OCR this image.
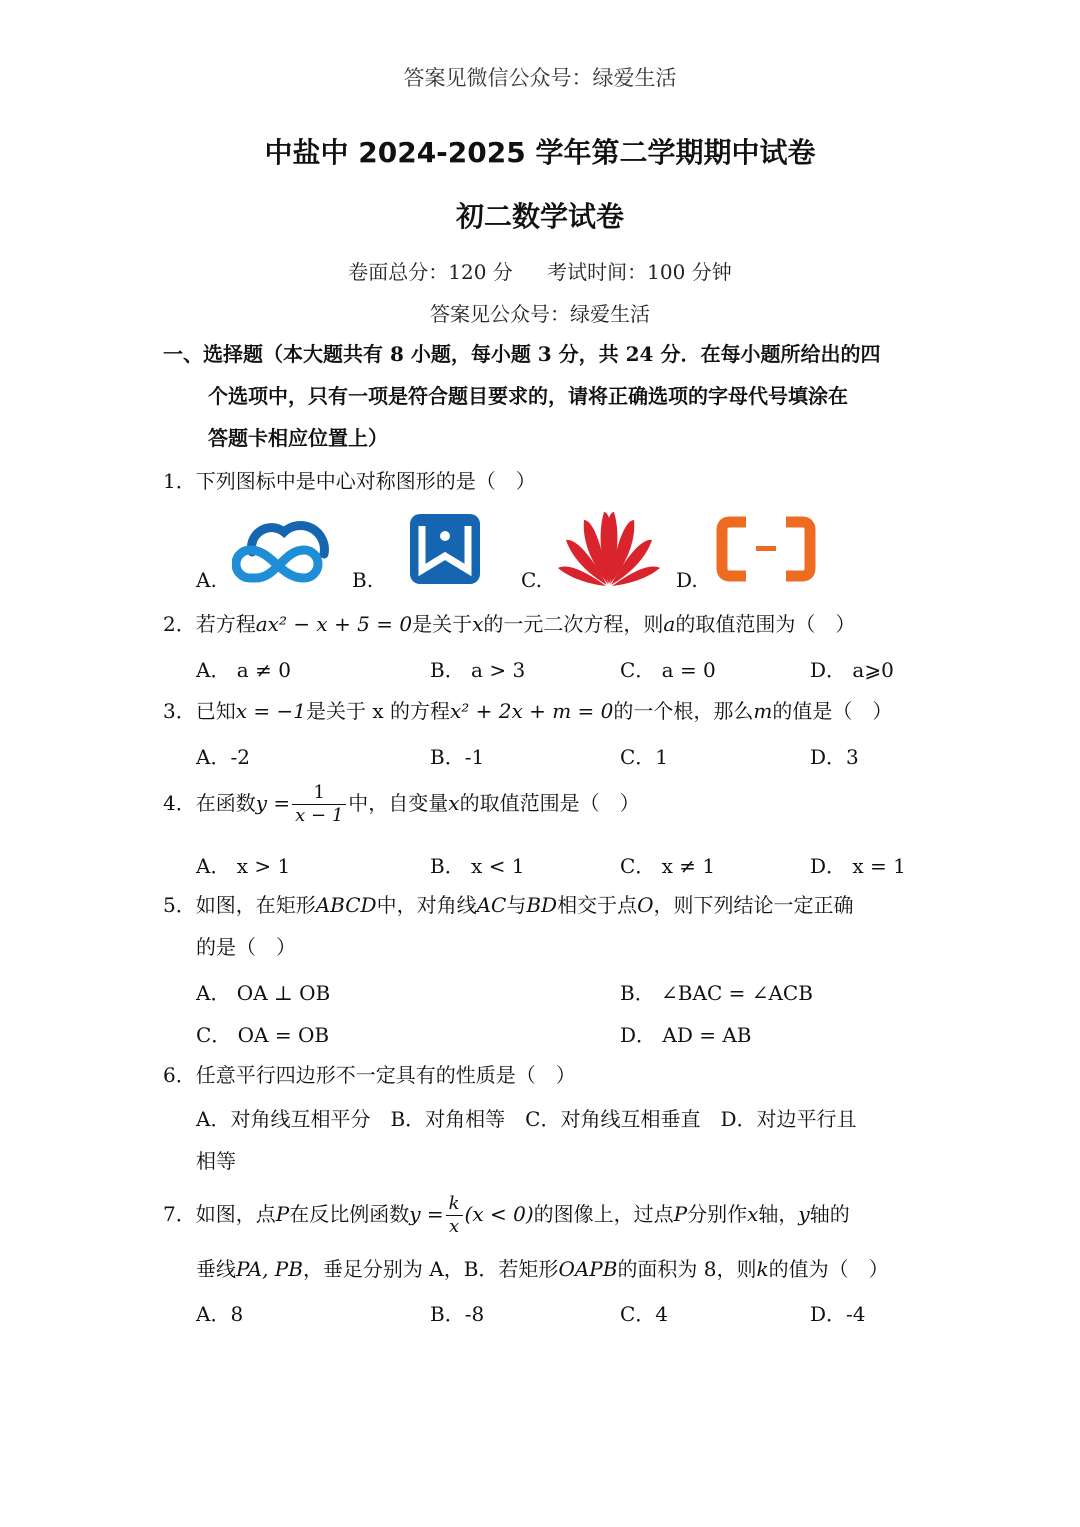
答案见微信公众号：绿爱生活
中盐中 2024-2025 学年第二学期期中试卷
初二数学试卷
卷面总分：120 分 考试时间：100 分钟
答案见公众号：绿爱生活
一、选择题（本大题共有 8 小题，每小题 3 分，共 24 分．在每小题所给出的四
个选项中，只有一项是符合题目要求的，请将正确选项的字母代号填涂在
答题卡相应位置上）
1．下列图标中是中心对称图形的是（　）
A.	B.	C.	D.
2．若方程ax² − x + 5 = 0是关于x的一元二次方程，则a的取值范围为（　）
A． a ≠ 0	B． a > 3	C． a = 0	D． a⩾0
3．已知x = −1是关于 x 的方程x² + 2x + m = 0的一个根，那么m的值是（　）
A．-2	B．-1	C．1	D．3
4．在函数$y = \frac{1}{x - 1}$ 中，自变量x的取值范围是（　）
A． x > 1	B． x < 1	C． x ≠ 1	D． x = 1
5．如图，在矩形ABCD中，对角线AC与BD相交于点O，则下列结论一定正确
的是（　）
A． OA ⊥ OB	B． ∠BAC = ∠ACB
C． OA = OB	D． AD = AB
6．任意平行四边形不一定具有的性质是（　）
A．对角线互相平分　B．对角相等　C．对角线互相垂直　D．对边平行且
相等
7．如图，点P在反比例函数$y = \frac{k}{x} (x < 0)$的图像上，过点P分别作x轴，y轴的
垂线PA, PB，垂足分别为 A，B．若矩形OAPB的面积为 8，则k的值为（　）
A．8	B．-8	C．4	D．-4
